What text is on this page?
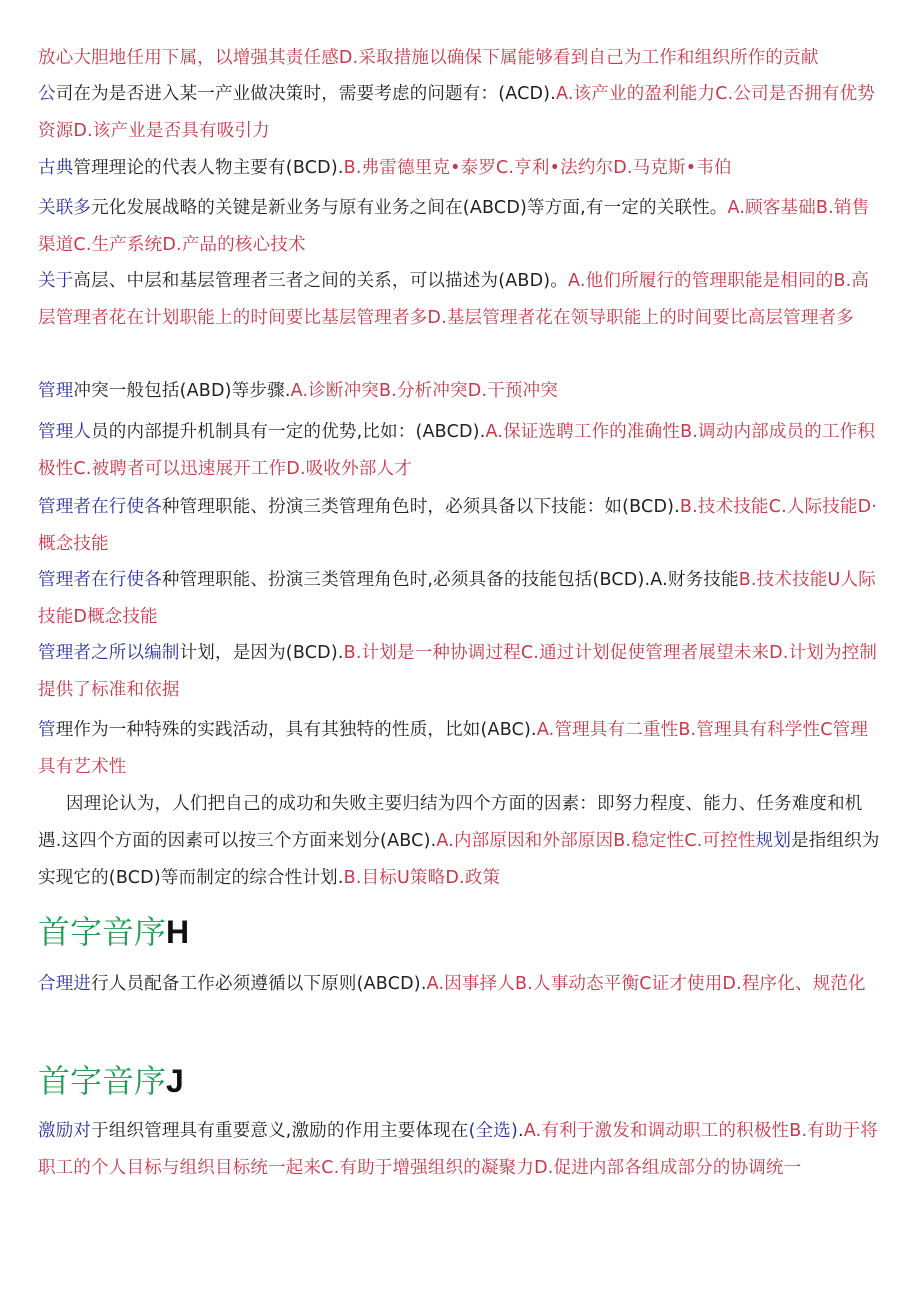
放心大胆地任用下属，以增强其责任感D.采取措施以确保下属能够看到自己为工作和组织所作的贡献

公司在为是否进入某一产业做决策时，需要考虑的问题有：(ACD).A.该产业的盈利能力C.公司是否拥有优势资源D.该产业是否具有吸引力

古典管理理论的代表人物主要有(BCD).B.弗雷德里克•泰罗C.亨利•法约尔D.马克斯•韦伯

关联多元化发展战略的关键是新业务与原有业务之间在(ABCD)等方面,有一定的关联性。A.顾客基础B.销售渠道C.生产系统D.产品的核心技术

关于高层、中层和基层管理者三者之间的关系，可以描述为(ABD)。A.他们所履行的管理职能是相同的B.高层管理者花在计划职能上的时间要比基层管理者多D.基层管理者花在领导职能上的时间要比高层管理者多

管理冲突一般包括(ABD)等步骤.A.诊断冲突B.分析冲突D.干预冲突

管理人员的内部提升机制具有一定的优势,比如：(ABCD).A.保证选聘工作的准确性B.调动内部成员的工作积极性C.被聘者可以迅速展开工作D.吸收外部人才

管理者在行使各种管理职能、扮演三类管理角色时，必须具备以下技能：如(BCD).B.技术技能C.人际技能D·概念技能

管理者在行使各种管理职能、扮演三类管理角色时,必须具备的技能包括(BCD).A.财务技能B.技术技能U人际技能D概念技能

管理者之所以编制计划，是因为(BCD).B.计划是一种协调过程C.通过计划促使管理者展望未来D.计划为控制提供了标准和依据

管理作为一种特殊的实践活动，具有其独特的性质，比如(ABC).A.管理具有二重性B.管理具有科学性C管理具有艺术性

因理论认为，人们把自己的成功和失败主要归结为四个方面的因素：即努力程度、能力、任务难度和机遇.这四个方面的因素可以按三个方面来划分(ABC).A.内部原因和外部原因B.稳定性C.可控性规划是指组织为实现它的(BCD)等而制定的综合性计划.B.目标U策略D.政策

首字音序H

合理进行人员配备工作必须遵循以下原则(ABCD).A.因事择人B.人事动态平衡C证才使用D.程序化、规范化

首字音序J

激励对于组织管理具有重要意义,激励的作用主要体现在(全选).A.有利于激发和调动职工的积极性B.有助于将职工的个人目标与组织目标统一起来C.有助于增强组织的凝聚力D.促进内部各组成部分的协调统一
